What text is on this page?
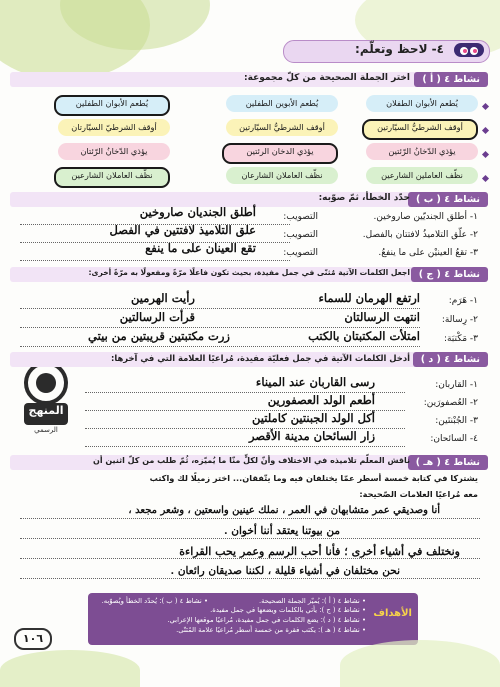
٤- لاحظ وتعلّم:
نشاط ٤ ( أ )
اختر الجملة الصحيحة من كلّ مجموعة:
يُطعم الأبوان الطفلان
يُطعم الأبوين الطفلين
يُطعم الأبوان الطفلين
أوقف الشرطيُّ السيّارتين
أوقف الشرطيُّ السيّارتين
أوقف الشرطيّ السيّارتان
يؤذي الدّخانُ الرّئتين
يؤذي الدخان الرئتين
يؤذي الدّخانُ الرّئتان
نظّف العاملين الشارعين
نظّف العاملان الشارعان
نظّف العاملان الشارعين
نشاط ٤ ( ب )
حدّد الخطأ، ثمّ صوّبه:
١- أطلق الجنديّين صاروخين.
التصويب:
أطلق الجنديان صاروخين
٢- علّق التلاميذُ لافتتان بالفصل.
التصويب:
علق التلاميذ لافتتين في الفصل
٣- تقعُ العينيْن على ما ينفعُ.
التصويب:
تقع العينان على ما ينفع
نشاط ٤ ( ج )
اجعل الكلمات الآتية مُثنّى في جمل مفيدة، بحيث تكون فاعلًا مرّةً ومفعولًا به مرّةً أخرى:
١- هَرَم:
ارتفع الهرمان للسماء
رأيت الهرمين
٢- رِسالة:
انتهت الرسالتان
قرأت الرسالتين
٣- مَكْتبَة:
امتلأت المكتبتان بالكتب
زرت مكتبتين قريبتين من بيتي
المنهج
الرسمي
نشاط ٤ ( د )
أدخل الكلمات الآتية في جمل فعليّة مفيدة، مُراعيًا العلامة التي في آخرها:
١- القاربان:
رسى القاربان عند الميناء
٢- العُصفورَين:
أطعم الولد العصفورين
٣- الجُبْنتَين:
أكل الولد الجبنتين كاملتين
٤- السائحان:
زار السائحان مدينة الأقصر
نشاط ٤ ( هـ )
ناقش المعلّم تلاميذه في الاختلاف وأنّ لكلٍّ منّا ما يُميّزه، ثُمّ طلب من كلّ اثنين أن
يشتركا في كتابة خمسة أسطر عمّا يختلفان فيه وما يتّفقان... اختر زميلًا لك واكتب
معه مُراعيًا العلامات الصّحيحة:
أنا وصديقي عمر متشابهان في العمر ، نملك عينين واسعتين ، وشعر مجعد ،
من بيوتنا يعتقد أننا أخوان .
ونختلف في أشياء أخرى ؛ فأنا أحب الرسم وعمر يحب القراءة
نحن مختلفان في أشياء قليلة ، لكننا صديقان رائعان .
الأهداف
• نشاط ٤ ( أ ): يُميّز الجملة الصحيحة.
• نشاط ٤ ( ب ): يُحدّد الخطأ ويُصوّبه.
• نشاط ٤ ( ج ): يأتي بالكلمات ويضعها في جمل مفيدة.
• نشاط ٤ ( د ): يضع الكلمات في جمل مفيدة، مُراعيًا موقعها الإعرابي.
• نشاط ٤ ( هـ ): يكتب فقرة من خمسة أسطر مُراعيًا علامة المُثنّى.
١٠٦
